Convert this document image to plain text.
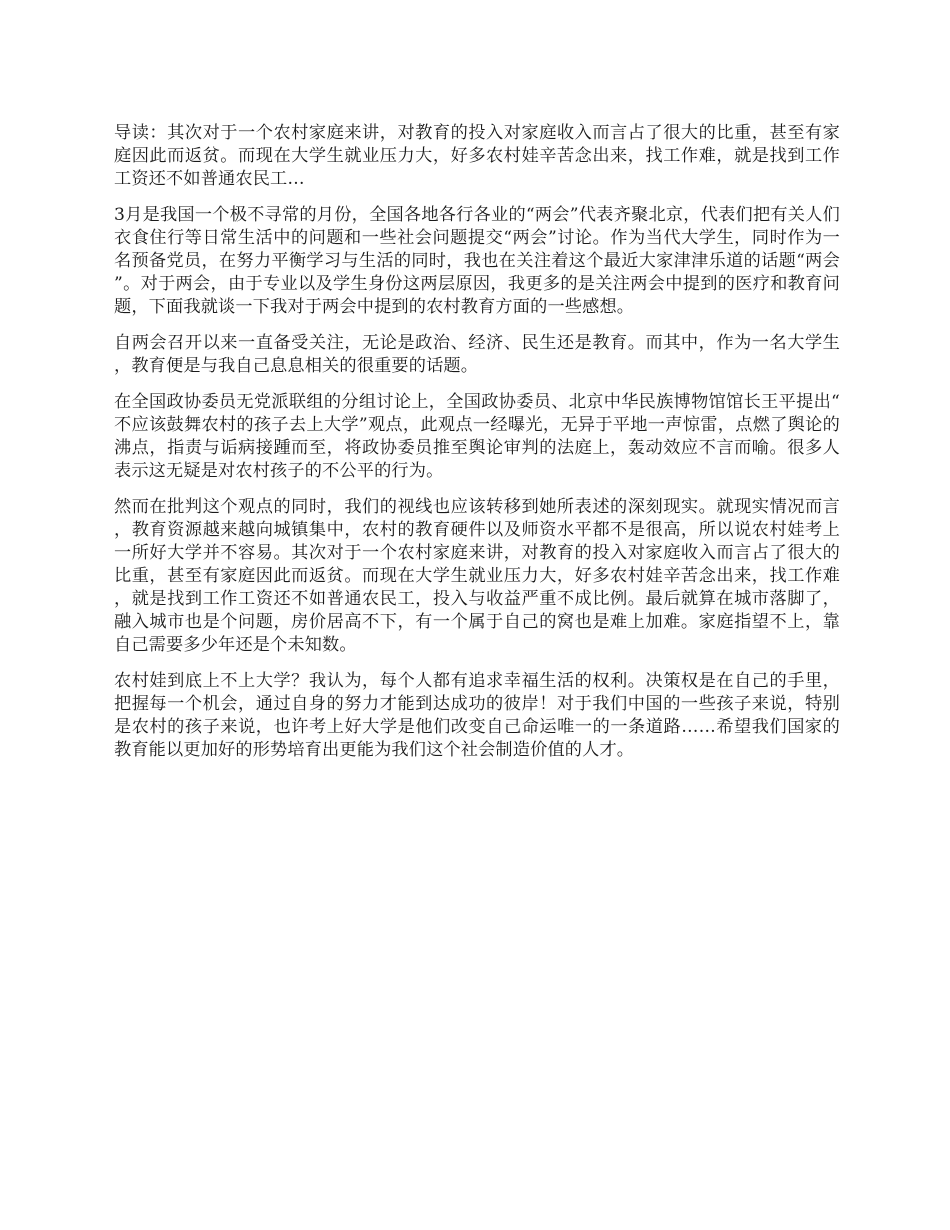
导读：其次对于一个农村家庭来讲，对教育的投入对家庭收入而言占了很大的比重，甚至有家庭因此而返贫。而现在大学生就业压力大，好多农村娃辛苦念出来，找工作难，就是找到工作工资还不如普通农民工…

3月是我国一个极不寻常的月份，全国各地各行各业的“两会”代表齐聚北京，代表们把有关人们衣食住行等日常生活中的问题和一些社会问题提交“两会”讨论。作为当代大学生，同时作为一名预备党员，在努力平衡学习与生活的同时，我也在关注着这个最近大家津津乐道的话题“两会”。对于两会，由于专业以及学生身份这两层原因，我更多的是关注两会中提到的医疗和教育问题，下面我就谈一下我对于两会中提到的农村教育方面的一些感想。

自两会召开以来一直备受关注，无论是政治、经济、民生还是教育。而其中，作为一名大学生，教育便是与我自己息息相关的很重要的话题。

在全国政协委员无党派联组的分组讨论上，全国政协委员、北京中华民族博物馆馆长王平提出“不应该鼓舞农村的孩子去上大学”观点，此观点一经曝光，无异于平地一声惊雷，点燃了舆论的沸点，指责与诟病接踵而至，将政协委员推至舆论审判的法庭上，轰动效应不言而喻。很多人表示这无疑是对农村孩子的不公平的行为。

然而在批判这个观点的同时，我们的视线也应该转移到她所表述的深刻现实。就现实情况而言，教育资源越来越向城镇集中，农村的教育硬件以及师资水平都不是很高，所以说农村娃考上一所好大学并不容易。其次对于一个农村家庭来讲，对教育的投入对家庭收入而言占了很大的比重，甚至有家庭因此而返贫。而现在大学生就业压力大，好多农村娃辛苦念出来，找工作难，就是找到工作工资还不如普通农民工，投入与收益严重不成比例。最后就算在城市落脚了，融入城市也是个问题，房价居高不下，有一个属于自己的窝也是难上加难。家庭指望不上，靠自己需要多少年还是个未知数。

农村娃到底上不上大学？我认为，每个人都有追求幸福生活的权利。决策权是在自己的手里，把握每一个机会，通过自身的努力才能到达成功的彼岸！对于我们中国的一些孩子来说，特别是农村的孩子来说，也许考上好大学是他们改变自己命运唯一的一条道路……希望我们国家的教育能以更加好的形势培育出更能为我们这个社会制造价值的人才。
